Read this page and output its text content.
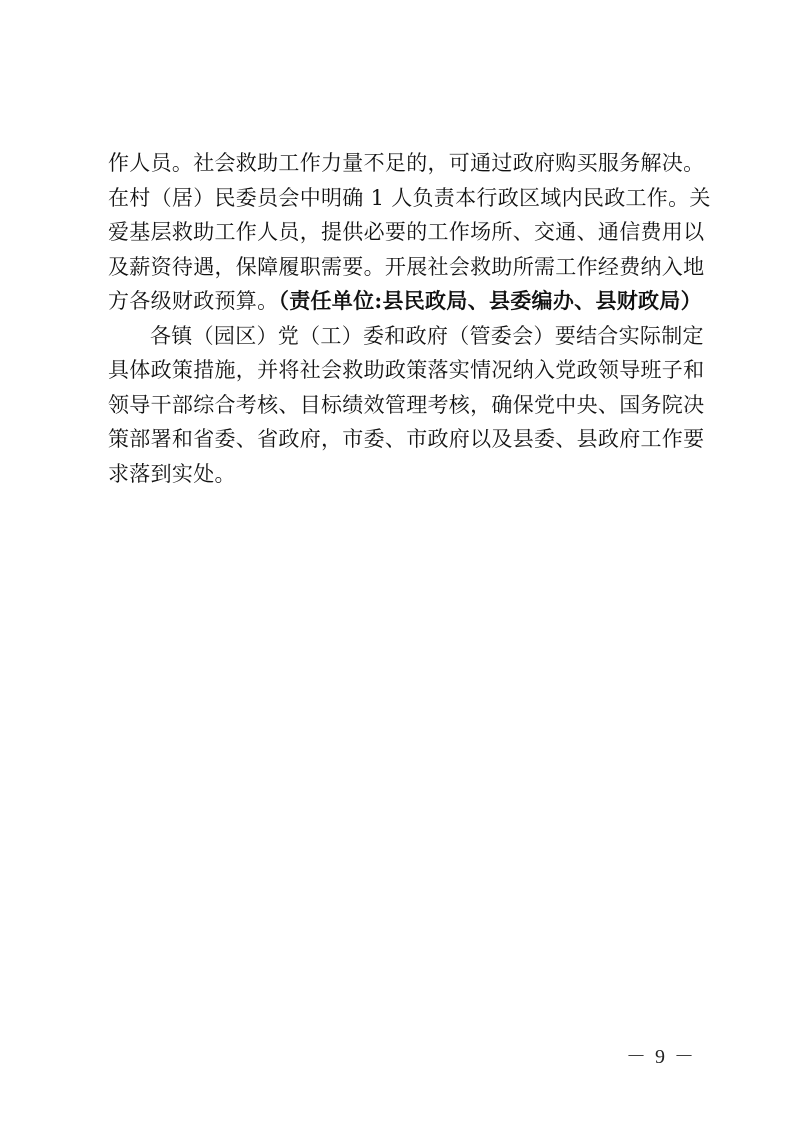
作人员。社会救助工作力量不足的，可通过政府购买服务解决。
在村（居）民委员会中明确 1 人负责本行政区域内民政工作。关
爱基层救助工作人员，提供必要的工作场所、交通、通信费用以
及薪资待遇，保障履职需要。开展社会救助所需工作经费纳入地
方各级财政预算。（责任单位:县民政局、县委编办、县财政局）
各镇（园区）党（工）委和政府（管委会）要结合实际制定
具体政策措施，并将社会救助政策落实情况纳入党政领导班子和
领导干部综合考核、目标绩效管理考核，确保党中央、国务院决
策部署和省委、省政府，市委、市政府以及县委、县政府工作要
求落到实处。
－ 9 －
